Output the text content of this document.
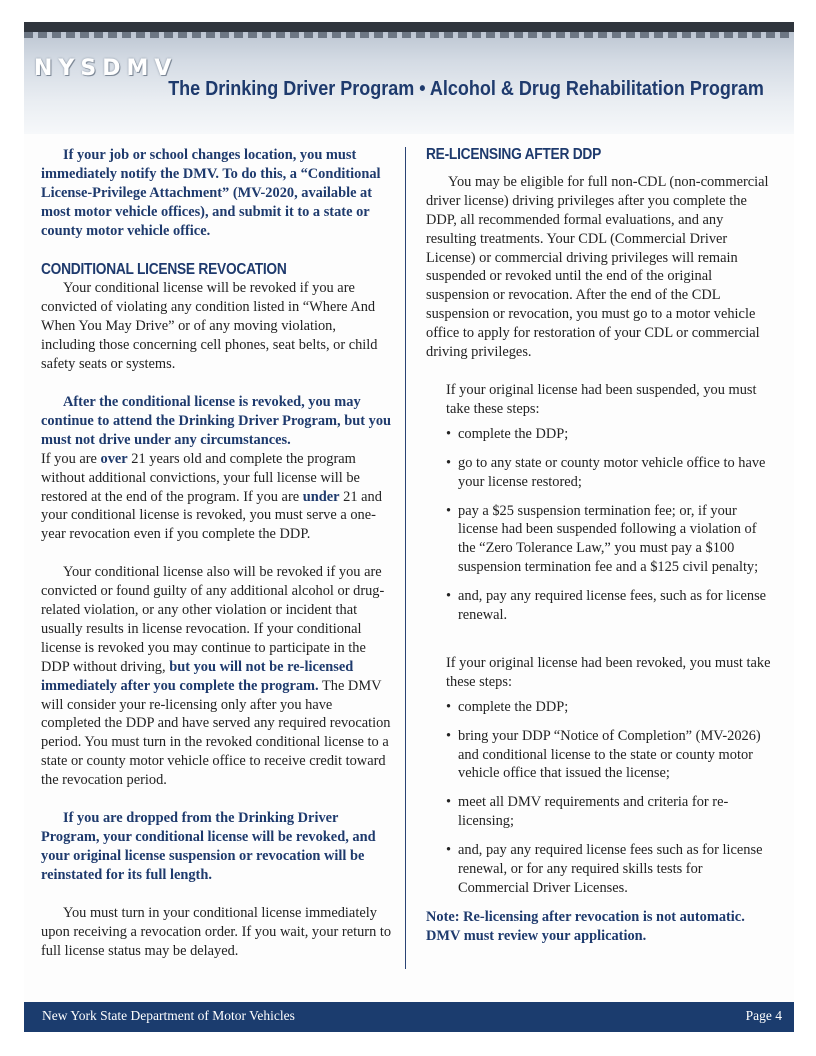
NYSDMV
The Drinking Driver Program • Alcohol & Drug Rehabilitation Program

If your job or school changes location, you must immediately notify the DMV. To do this, a “Conditional License-Privilege Attachment” (MV-2020, available at most motor vehicle offices), and submit it to a state or county motor vehicle office.

CONDITIONAL LICENSE REVOCATION

Your conditional license will be revoked if you are convicted of violating any condition listed in “Where And When You May Drive” or of any moving violation, including those concerning cell phones, seat belts, or child safety seats or systems.

After the conditional license is revoked, you may continue to attend the Drinking Driver Program, but you must not drive under any circumstances.

If you are over 21 years old and complete the program without additional convictions, your full license will be restored at the end of the program. If you are under 21 and your conditional license is revoked, you must serve a one-year revocation even if you complete the DDP.

Your conditional license also will be revoked if you are convicted or found guilty of any additional alcohol or drug-related violation, or any other violation or incident that usually results in license revocation. If your conditional license is revoked you may continue to participate in the DDP without driving, but you will not be re-licensed immediately after you complete the program. The DMV will consider your re-licensing only after you have completed the DDP and have served any required revocation period. You must turn in the revoked conditional license to a state or county motor vehicle office to receive credit toward the revocation period.

If you are dropped from the Drinking Driver Program, your conditional license will be revoked, and your original license suspension or revocation will be reinstated for its full length.

You must turn in your conditional license immediately upon receiving a revocation order. If you wait, your return to full license status may be delayed.

RE-LICENSING AFTER DDP

You may be eligible for full non-CDL (non-commercial driver license) driving privileges after you complete the DDP, all recommended formal evaluations, and any resulting treatments. Your CDL (Commercial Driver License) or commercial driving privileges will remain suspended or revoked until the end of the original suspension or revocation. After the end of the CDL suspension or revocation, you must go to a motor vehicle office to apply for restoration of your CDL or commercial driving privileges.

If your original license had been suspended, you must take these steps:

• complete the DDP;
• go to any state or county motor vehicle office to have your license restored;
• pay a $25 suspension termination fee; or, if your license had been suspended following a violation of the “Zero Tolerance Law,” you must pay a $100 suspension termination fee and a $125 civil penalty;
• and, pay any required license fees, such as for license renewal.

If your original license had been revoked, you must take these steps:

• complete the DDP;
• bring your DDP “Notice of Completion” (MV-2026) and conditional license to the state or county motor vehicle office that issued the license;
• meet all DMV requirements and criteria for re-licensing;
• and, pay any required license fees such as for license renewal, or for any required skills tests for Commercial Driver Licenses.

Note: Re-licensing after revocation is not automatic. DMV must review your application.

New York State Department of Motor Vehicles	Page 4
